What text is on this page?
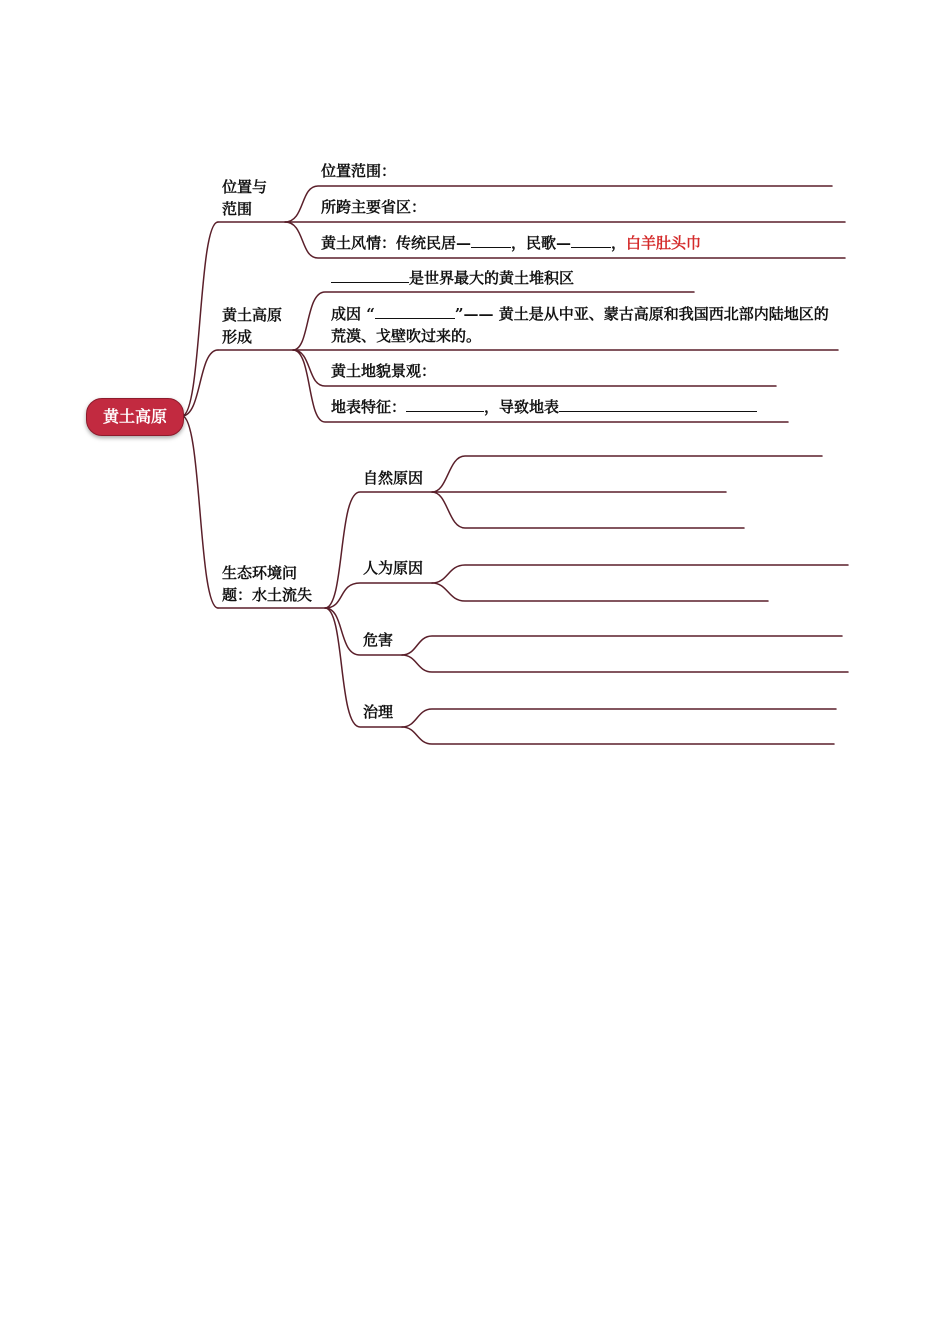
黄土高原
位置与
范围
位置范围：
所跨主要省区：
黄土风情：传统民居—	，民歌—	，白羊肚头巾
黄土高原
形成
是世界最大的黄土堆积区
成因 “	”—— 黄土是从中亚、蒙古高原和我国西北部内陆地区的荒漠、戈壁吹过来的。
黄土地貌景观：
地表特征：	，导致地表
生态环境问
题：水土流失
自然原因
人为原因
危害
治理
